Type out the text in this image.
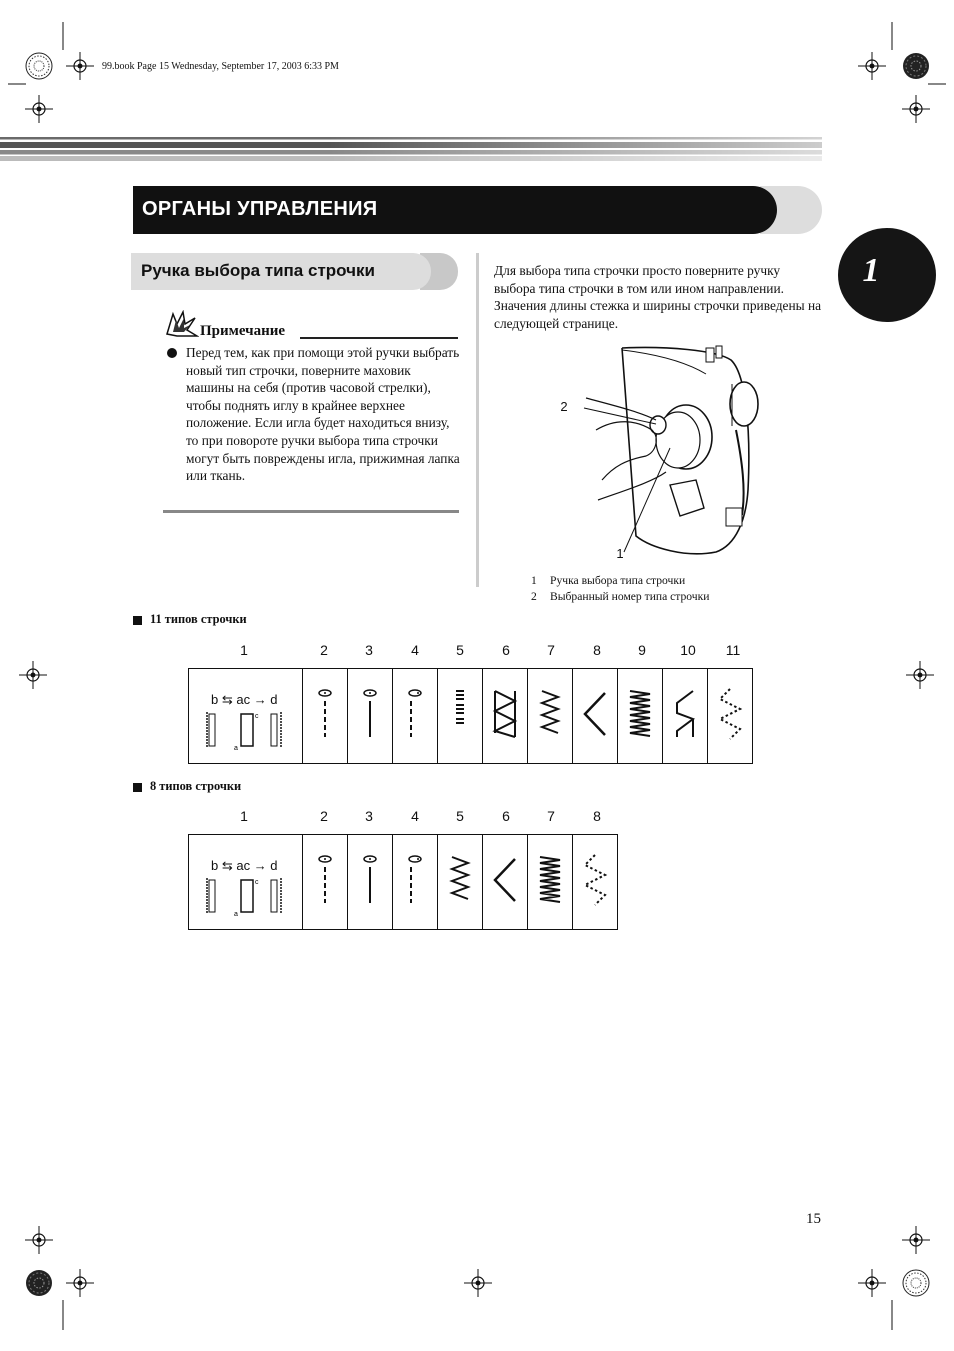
99.book Page 15 Wednesday, September 17, 2003 6:33 PM
ОРГАНЫ УПРАВЛЕНИЯ
1
Ручка выбора типа строчки
Примечание
Перед тем, как при помощи этой ручки выбрать новый тип строчки, поверните маховик машины на себя (против часовой стрелки), чтобы поднять иглу в крайнее верхнее положение. Если игла будет находиться внизу, то при повороте ручки выбора типа строчки могут быть повреждены игла, прижимная лапка или ткань.
Для выбора типа строчки просто поверните ручку выбора типа строчки в том или ином направлении. Значения длины стежка и ширины строчки приведены на следующей странице.
2
1
1 Ручка выбора типа строчки
2 Выбранный номер типа строчки
11 типов строчки
1	2	3	4	5	6	7	8	9	10	11
b ⇆ ac → d
a
c

8 типов строчки
1	2	3	4	5	6	7	8
b ⇆ ac → d
a
c

15
